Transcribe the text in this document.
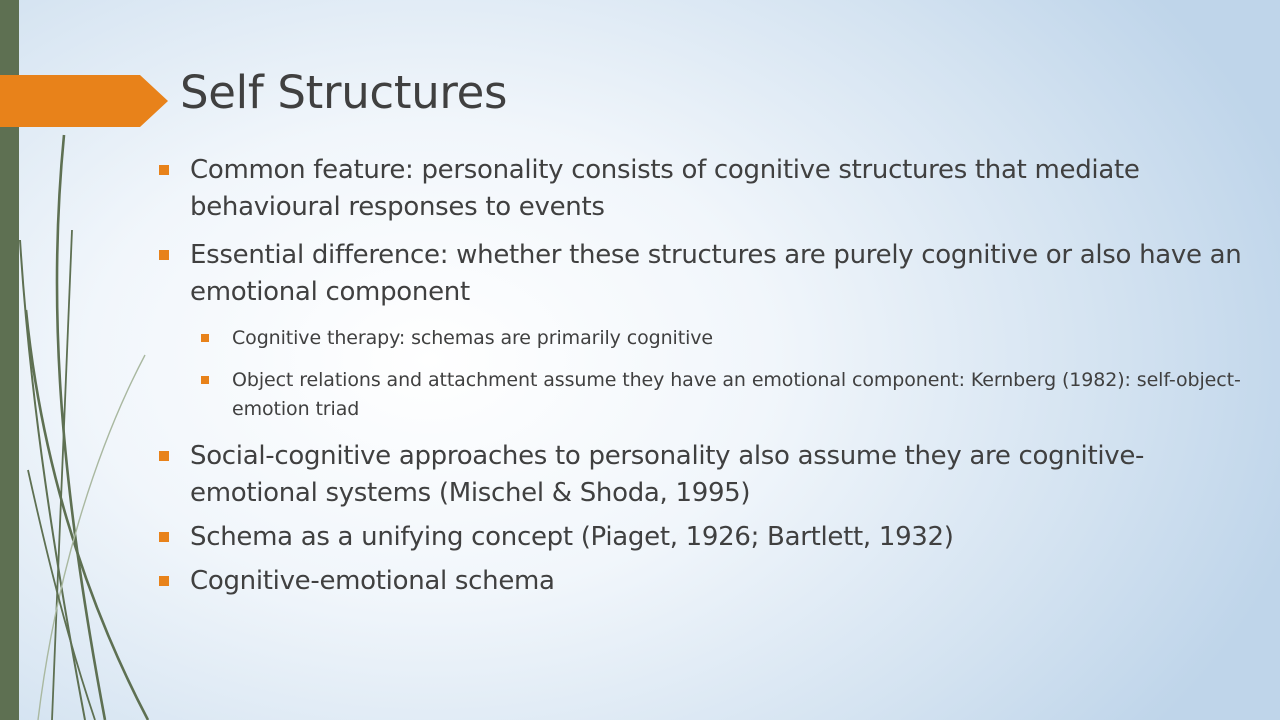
Self Structures
Common feature: personality consists of cognitive structures that mediate behavioural responses to events
Essential difference: whether these structures are purely cognitive or also have an emotional component
Cognitive therapy: schemas are primarily cognitive
Object relations and attachment assume they have an emotional component: Kernberg (1982): self-object-emotion triad
Social-cognitive approaches to personality also assume they are cognitive-emotional systems (Mischel & Shoda, 1995)
Schema as a unifying concept (Piaget, 1926; Bartlett, 1932)
Cognitive-emotional schema
